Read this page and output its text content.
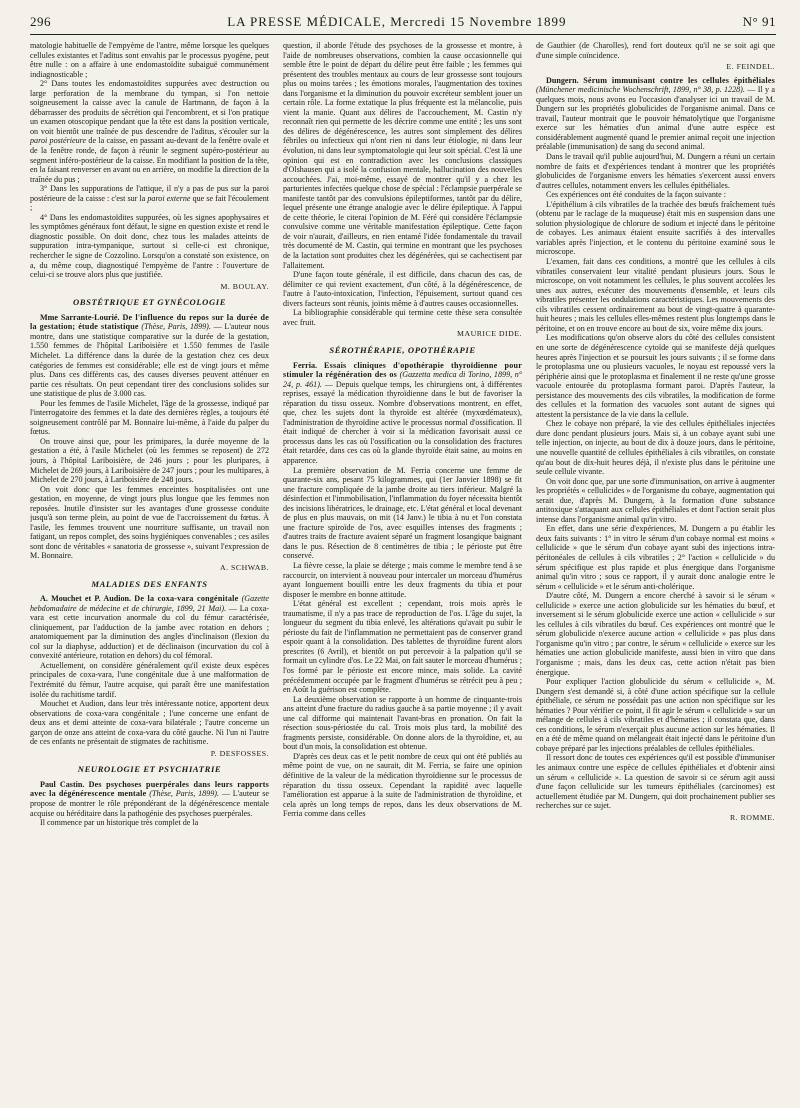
296	LA PRESSE MÉDICALE, Mercredi 15 Novembre 1899	N° 91

matologie habituelle de l'empyème de l'antre, même lorsque les quelques cellules existantes et l'aditus sont envahis par le processus pyogène, peut être nulle : on a affaire à une endomastoïdite subaiguë communément indiagnosticable ;

2° Dans toutes les endomastoïdites suppurées avec destruction ou large perforation de la membrane du tympan, si l'on nettoie soigneusement la caisse avec la canule de Hartmann, de façon à la débarrasser des produits de sécrétion qui l'encombrent, et si l'on pratique un examen otoscopique pendant que la tête est dans la position verticale, on voit bientôt une traînée de pus descendre de l'aditus, s'écouler sur la paroi postérieure de la caisse, en passant au-devant de la fenêtre ovale et de la fenêtre ronde, de façon à réunir le segment supéro-postérieur au segment inféro-postérieur de la caisse. En modifiant la position de la tête, en la faisant renverser en avant ou en arrière, on modifie la direction de la traînée du pus ;

3° Dans les suppurations de l'attique, il n'y a pas de pus sur la paroi postérieure de la caisse : c'est sur la paroi externe que se fait l'écoulement ;

4° Dans les endomastoïdites suppurées, où les signes apophysaires et les symptômes généraux font défaut, le signe en question existe et rend le diagnostic possible. On doit donc, chez tous les malades atteints de suppuration intra-tympanique, surtout si celle-ci est chronique, rechercher le signe de Cozzolino. Lorsqu'on a constaté son existence, on a, du même coup, diagnostiqué l'empyème de l'antre : l'ouverture de celui-ci se trouve alors plus que justifiée.

M. BOULAY.
OBSTÉTRIQUE ET GYNÉCOLOGIE

Mme Sarrante-Lourié. De l'influence du repos sur la durée de la gestation; étude statistique (Thèse, Paris, 1899). — L'auteur nous montre, dans une statistique comparative sur la durée de la gestation, 1.550 femmes de l'hôpital Lariboisière et 1.550 femmes de l'asile Michelet. La différence dans la durée de la gestation chez ces deux catégories de femmes est considérable; elle est de vingt jours et même plus. Dans ces différents cas, des causes diverses peuvent atténuer en partie ces résultats. On peut cependant tirer des conclusions solides sur une statistique de plus de 3.000 cas.

Pour les femmes de l'asile Michelet, l'âge de la grossesse, indiqué par l'interrogatoire des femmes et la date des dernières règles, a toujours été soigneusement contrôlé par M. Bonnaire lui-même, à l'aide du palper du fœtus.

On trouve ainsi que, pour les primipares, la durée moyenne de la gestation a été, à l'asile Michelet (où les femmes se reposent) de 272 jours, à l'hôpital Lariboisière, de 246 jours ; pour les pluripares, à Michelet de 269 jours, à Lariboisière de 247 jours ; pour les multipares, à Michelet de 270 jours, à Lariboisière de 248 jours.

On voit donc que les femmes enceintes hospitalisées ont une gestation, en moyenne, de vingt jours plus longue que les femmes non reposées. Inutile d'insister sur les avantages d'une grossesse conduite jusqu'à son terme plein, au point de vue de l'accroissement du fœtus. À l'asile, les femmes trouvent une nourriture suffisante, un travail non fatigant, un repos complet, des soins hygiéniques convenables ; ces asiles sont donc de véritables « sanatoria de grossesse », suivant l'expression de M. Bonnaire.

A. SCHWAB.
MALADIES DES ENFANTS

A. Mouchet et P. Audion. De la coxa-vara congénitale (Gazette hebdomadaire de médecine et de chirurgie, 1899, 21 Mai). — La coxa-vara est cette incurvation anormale du col du fémur caractérisée, cliniquement, par l'adduction de la jambe avec rotation en dehors ; anatomiquement par la diminution des angles d'inclinaison (flexion du col sur la diaphyse, adduction) et de déclinaison (incurvation du col à convexité antérieure, rotation en dehors) du col fémoral.

Actuellement, on considère généralement qu'il existe deux espèces principales de coxa-vara, l'une congénitale due à une malformation de l'extrémité du fémur, l'autre acquise, qui paraît être une manifestation isolée du rachitisme tardif.

Mouchet et Audion, dans leur très intéressante notice, apportent deux observations de coxa-vara congénitale ; l'une concerne une enfant de deux ans et demi atteinte de coxa-vara bilatérale ; l'autre concerne un garçon de onze ans atteint de coxa-vara du côté gauche. Ni l'un ni l'autre de ces enfants ne présentait de stigmates de rachitisme.

P. DESFOSSES.
NEUROLOGIE ET PSYCHIATRIE

Paul Castin. Des psychoses puerpérales dans leurs rapports avec la dégénérescence mentale (Thèse, Paris, 1899). — L'auteur se propose de montrer le rôle prépondérant de la dégénérescence mentale acquise ou héréditaire dans la pathogénie des psychoses puerpérales.

Il commence par un historique très complet de la

question, il aborde l'étude des psychoses de la grossesse et montre, à l'aide de nombreuses observations, combien la cause occasionnelle qui semble être le point de départ du délire peut être faible ; les femmes qui présentent des troubles mentaux au cours de leur grossesse sont toujours plus ou moins tarées ; les émotions morales, l'augmentation des toxines dans l'organisme et la diminution du pouvoir excréteur semblent jouer un certain rôle. La forme extatique la plus fréquente est la mélancolie, puis vient la manie. Quant aux délires de l'accouchement, M. Castin n'y reconnaît rien qui permette de les décrire comme une entité ; les uns sont des délires de dégénérescence, les autres sont simplement des délires fébriles ou infectieux qui n'ont rien ni dans leur étiologie, ni dans leur évolution, ni dans leur symptomatologie qui leur soit spécial. C'est là une opinion qui est en contradiction avec les conclusions classiques d'Olshausen qui a isolé la confusion mentale, hallucination des nouvelles accouchées. J'ai, moi-même, essayé de montrer qu'il y a chez les parturientes infectées quelque chose de spécial : l'éclampsie puerpérale se manifeste tantôt par des convulsions épileptiformes, tantôt par du délire, lequel présente une étrange analogie avec le délire épileptique. À l'appui de cette théorie, le citerai l'opinion de M. Féré qui considère l'éclampsie convulsive comme une véritable manifestation épileptique. Cette façon de voir n'aurait, d'ailleurs, en rien entamé l'idée fondamentale du travail très documenté de M. Castin, qui termine en montrant que les psychoses de la lactation sont produites chez les dégénérées, qui se cachectisent par l'allaitement.

D'une façon toute générale, il est difficile, dans chacun des cas, de délimiter ce qui revient exactement, d'un côté, à la dégénérescence, de l'autre à l'auto-intoxication, l'infection, l'épuisement, surtout quand ces divers facteurs sont réunis, joints même à d'autres causes occasionnelles.

La bibliographie considérable qui termine cette thèse sera consultée avec fruit.

MAURICE DIDE.
SÉROTHÉRAPIE, OPOTHÉRAPIE

Ferria. Essais cliniques d'opothérapie thyroïdienne pour stimuler la régénération des os (Gazzetta medica di Torino, 1899, n° 24, p. 461). — Depuis quelque temps, les chirurgiens ont, à différentes reprises, essayé la médication thyroïdienne dans le but de favoriser la réparation du tissu osseux. Nombre d'observations montrent, en effet, que, chez les sujets dont la thyroïde est altérée (myxœdémateux), l'administration de thyroïdine active le processus normal d'ossification. Il était indiqué de chercher à voir si la médication favorisait aussi ce processus dans les cas où l'ossification ou la consolidation des fractures était retardée, dans ces cas où la glande thyroïde était saine, au moins en apparence.

La première observation de M. Ferria concerne une femme de quarante-six ans, pesant 75 kilogrammes, qui (1er Janvier 1898) se fit une fracture compliquée de la jambe droite au tiers inférieur. Malgré la désinfection et l'immobilisation, l'inflammation du foyer nécessita bientôt des incisions libératrices, le drainage, etc. L'état général et local devenant de plus en plus mauvais, on mit (14 Janv.) le tibia à nu et l'on constata une fracture spiroïde de l'os, avec esquilles intenses des fragments ; d'autres traits de fracture avaient séparé un fragment losangique baignant dans le pus. Résection de 8 centimètres de tibia ; le périoste put être conservé.

La fièvre cesse, la plaie se déterge ; mais comme le membre tend à se raccourcir, on intervient à nouveau pour intercaler un morceau d'humérus ayant longuement bouilli entre les deux fragments du tibia et pour disposer le membre en bonne attitude.

L'état général est excellent ; cependant, trois mois après le traumatisme, il n'y a pas trace de reproduction de l'os. L'âge du sujet, la longueur du segment du tibia enlevé, les altérations qu'avait pu subir le périoste du fait de l'inflammation ne permettaient pas de conserver grand espoir quant à la consolidation. Des tablettes de thyroïdine furent alors prescrites (6 Avril), et bientôt on put percevoir à la palpation qu'il se formait un cylindre d'os. Le 22 Mai, on fait sauter le morceau d'humérus ; l'os formé par le périoste est encore mince, mais solide. La cavité précédemment occupée par le fragment d'humérus se rétrécit peu à peu ; en Août la guérison est complète.

La deuxième observation se rapporte à un homme de cinquante-trois ans atteint d'une fracture du radius gauche à sa partie moyenne ; il y avait une cal difforme qui maintenait l'avant-bras en pronation. On fait la résection sous-périostée du cal. Trois mois plus tard, la mobilité des fragments persiste, considérable. On donne alors de la thyroïdine, et, au bout d'un mois, la consolidation est obtenue.

D'après ces deux cas et le petit nombre de ceux qui ont été publiés au même point de vue, on ne saurait, dit M. Ferria, se faire une opinion définitive de la valeur de la médication thyroïdienne sur le processus de réparation du tissu osseux. Cependant la rapidité avec laquelle l'amélioration est apparue à la suite de l'administration de thyroïdine, et cela après un long temps de repos, dans les deux observations de M. Ferria comme dans celles

de Gauthier (de Charolles), rend fort douteux qu'il ne se soit agi que d'une simple coïncidence.

E. FEINDEL.

Dungern. Sérum immunisant contre les cellules épithéliales (Münchener medicinische Wochenschrift, 1899, n° 38, p. 1228). — Il y a quelques mois, nous avons eu l'occasion d'analyser ici un travail de M. Dungern sur les propriétés globulicides de l'organisme animal. Dans ce travail, l'auteur montrait que le pouvoir hématolytique que l'organisme exerce sur les hématies d'un animal d'une autre espèce est considérablement augmenté quand le premier animal reçoit une injection préalable (immunisation) de sang du second animal.

Dans le travail qu'il publie aujourd'hui, M. Dungern a réuni un certain nombre de faits et d'expériences tendant à montrer que les propriétés globulicides de l'organisme envers les hématies s'exercent aussi envers d'autres cellules, notamment envers les cellules épithéliales.

Ces expériences ont été conduites de la façon suivante :

L'épithélium à cils vibratiles de la trachée des bœufs fraîchement tués (obtenu par le raclage de la muqueuse) était mis en suspension dans une solution physiologique de chlorure de sodium et injecté dans le péritoine de cobayes. Les animaux étaient ensuite sacrifiés à des intervalles variables après l'injection, et le contenu du péritoine examiné sous le microscope.

L'examen, fait dans ces conditions, a montré que les cellules à cils vibratiles conservaient leur vitalité pendant plusieurs jours. Sous le microscope, on voit notamment les cellules, le plus souvent accolées les unes aux autres, exécuter des mouvements d'ensemble, et leurs cils vibratiles présenter les ondulations caractéristiques. Les mouvements des cils vibratiles cessent ordinairement au bout de vingt-quatre à quarante-huit heures ; mais les cellules elles-mêmes restent plus longtemps dans le péritoine, et on en trouve encore au bout de six, voire même dix jours.

Les modifications qu'on observe alors du côté des cellules consistent en une sorte de dégénérescence cytoïde qui se manifeste déjà quelques heures après l'injection et se poursuit les jours suivants ; il se forme dans le protoplasma une ou plusieurs vacuoles, le noyau est repoussé vers la périphérie ainsi que le protoplasma et finalement il ne reste qu'une grosse vacuole entourée du protoplasma formant paroi. D'après l'auteur, la persistance des mouvements des cils vibratiles, la modification de forme des cellules et la formation des vacuoles sont autant de signes qui attestent la persistance de la vie dans la cellule.

Chez le cobaye non préparé, la vie des cellules épithéliales injectées dure donc pendant plusieurs jours. Mais si, à un cobaye ayant subi une telle injection, on injecte, au bout de dix à douze jours, dans le péritoine, une nouvelle quantité de cellules épithéliales à cils vibratiles, on constate qu'au bout de dix-huit heures déjà, il n'existe plus dans le péritoine une seule cellule vivante.

On voit donc que, par une sorte d'immunisation, on arrive à augmenter les propriétés « cellulicides » de l'organisme du cobaye, augmentation qui serait due, d'après M. Dungern, à la formation d'une substance antitoxique s'attaquant aux cellules épithéliales et dont l'action serait plus intense dans l'organisme animal qu'in vitro.

En effet, dans une série d'expériences, M. Dungern a pu établir les deux faits suivants : 1° in vitro le sérum d'un cobaye normal est moins « cellulicide » que le sérum d'un cobaye ayant subi des injections intra-péritonéales de cellules à cils vibratiles ; 2° l'action « cellulicide » du sérum spécifique est plus rapide et plus énergique dans l'organisme animal qu'in vitro ; sous ce rapport, il y aurait donc analogie entre le sérum « cellulicide » et le sérum anti-cholérique.

D'autre côté, M. Dungern a encore cherché à savoir si le sérum « cellulicide » exerce une action globulicide sur les hématies du bœuf, et inversement si le sérum globulicide exerce une action « cellulicide » sur les cellules à cils vibratiles du bœuf. Ces expériences ont montré que le sérum globulicide n'exerce aucune action « cellulicide » pas plus dans l'organisme qu'in vitro ; par contre, le sérum « cellulicide » exerce sur les hématies une action globulicide manifeste, aussi bien in vitro que dans l'organisme ; mais, dans les deux cas, cette action n'était pas bien énergique.

Pour expliquer l'action globulicide du sérum « cellulicide », M. Dungern s'est demandé si, à côté d'une action spécifique sur la cellule épithéliale, ce sérum ne possédait pas une action non spécifique sur les hématies ? Pour vérifier ce point, il fit agir le sérum « cellulicide » sur un mélange de cellules à cils vibratiles et d'hématies ; il constata que, dans ces conditions, le sérum n'exerçait plus aucune action sur les hématies. Il en a été de même quand on mélangeait était injecté dans le péritoine d'un cobaye préparé par les injections préalables de cellules épithéliales.

Il ressort donc de toutes ces expériences qu'il est possible d'immuniser les animaux contre une espèce de cellules épithéliales et d'obtenir ainsi un sérum « cellulicide ». La question de savoir si ce sérum agit aussi d'une façon cellulicide sur les tumeurs épithéliales (carcinomes) est actuellement étudiée par M. Dungern, qui doit prochainement publier ses recherches sur ce sujet.

R. ROMME.
